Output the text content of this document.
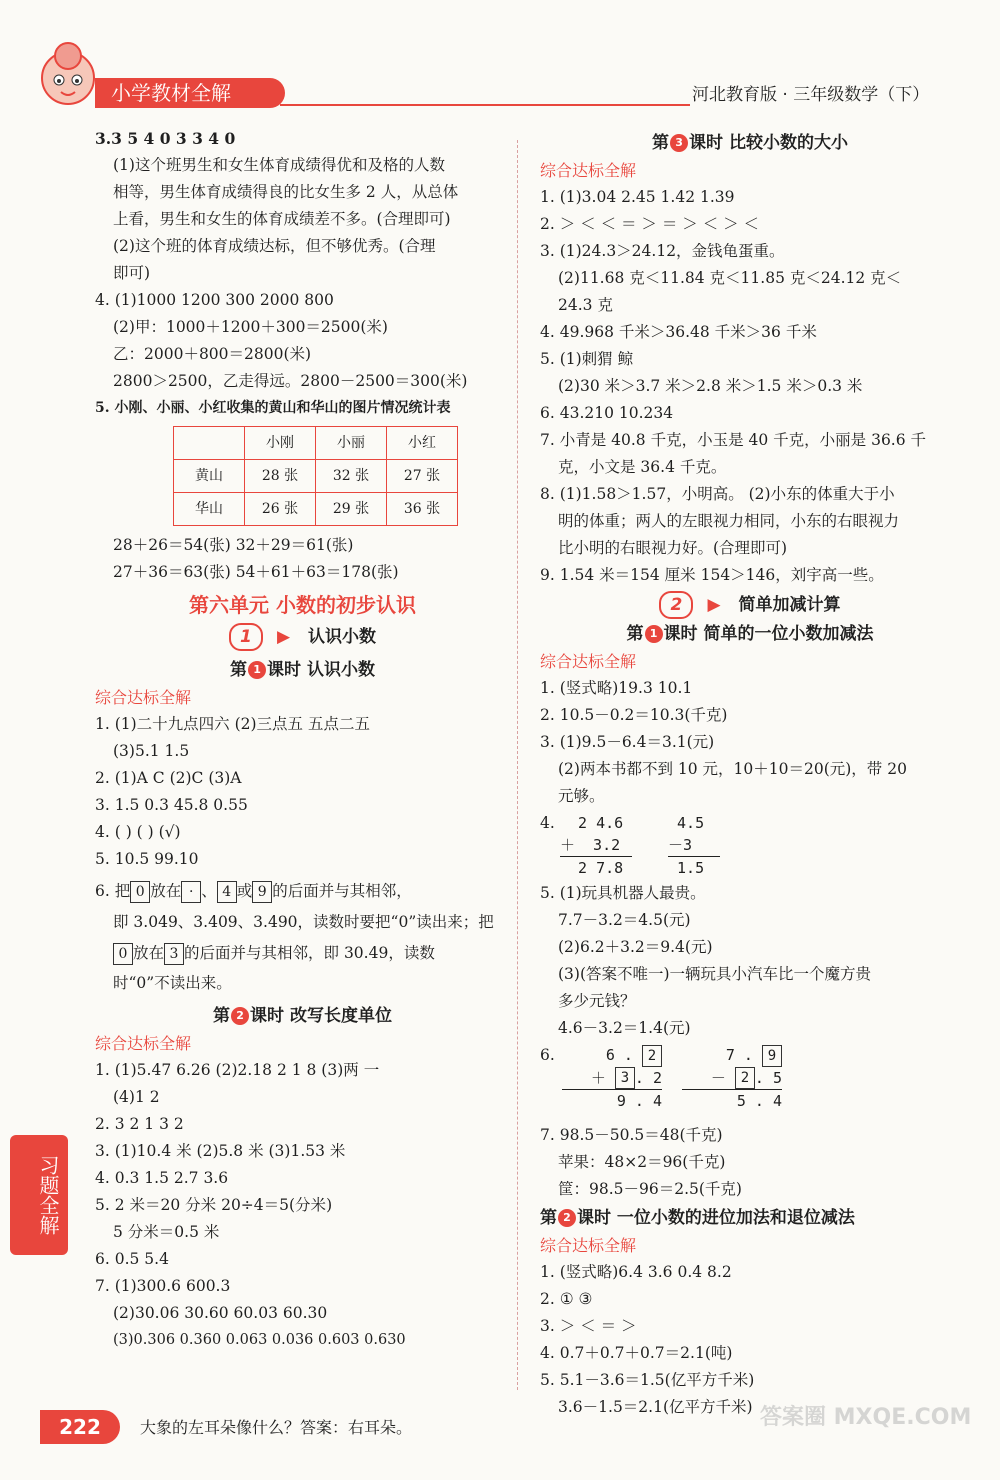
小学教材全解	河北教育版 · 三年级数学（下）
3.3 5 4 0 3 3 4 0
(1)这个班男生和女生体育成绩得优和及格的人数
相等，男生体育成绩得良的比女生多 2 人，从总体
上看，男生和女生的体育成绩差不多。(合理即可)
(2)这个班的体育成绩达标，但不够优秀。(合理
即可)
4. (1)1000 1200 300 2000 800
(2)甲：1000＋1200＋300＝2500(米)
乙：2000＋800＝2800(米)
2800＞2500，乙走得远。2800－2500＝300(米)
5. 小刚、小丽、小红收集的黄山和华山的图片情况统计表
	小刚	小丽	小红
黄山	28 张	32 张	27 张
华山	26 张	29 张	36 张
28＋26＝54(张) 32＋29＝61(张)
27＋36＝63(张) 54＋61＋63＝178(张)
第六单元 小数的初步认识
1 ▶ 认识小数
第 1 课时 认识小数
综合达标全解
1. (1)二十九点四六 (2)三点五 五点二五
(3)5.1 1.5
2. (1)A C (2)C (3)A
3. 1.5 0.3 45.8 0.55
4. ( ) ( ) (√)
5. 10.5 99.10
6. 把 0 放在 · 、 4 或 9 的后面并与其相邻，
即 3.049、3.409、3.490，读数时要把“0”读出来；把
0 放在 3 的后面并与其相邻，即 30.49，读数
时“0”不读出来。
第 2 课时 改写长度单位
综合达标全解
1. (1)5.47 6.26 (2)2.18 2 1 8 (3)两 一
(4)1 2
2. 3 2 1 3 2
3. (1)10.4 米 (2)5.8 米 (3)1.53 米
4. 0.3 1.5 2.7 3.6
5. 2 米＝20 分米 20÷4＝5(分米)
5 分米＝0.5 米
6. 0.5 5.4
7. (1)300.6 600.3
(2)30.06 30.60 60.03 60.30
(3)0.306 0.360 0.063 0.036 0.603 0.630
第 3 课时 比较小数的大小
综合达标全解
1. (1)3.04 2.45 1.42 1.39
2. ＞ ＜ ＜ ＝ ＞ ＝ ＞ ＜ ＞ ＜
3. (1)24.3＞24.12，金钱龟蛋重。
(2)11.68 克＜11.84 克＜11.85 克＜24.12 克＜
24.3 克
4. 49.968 千米＞36.48 千米＞36 千米
5. (1)刺猬 鲸
(2)30 米＞3.7 米＞2.8 米＞1.5 米＞0.3 米
6. 43.210 10.234
7. 小青是 40.8 千克，小玉是 40 千克，小丽是 36.6 千
克，小文是 36.4 千克。
8. (1)1.58＞1.57，小明高。 (2)小东的体重大于小
明的体重；两人的左眼视力相同，小东的右眼视力
比小明的右眼视力好。(合理即可)
9. 1.54 米＝154 厘米 154＞146，刘宇高一些。
2 ▶ 简单加减计算
第 1 课时 简单的一位小数加减法
综合达标全解
1. (竖式略)19.3 10.1
2. 10.5－0.2＝10.3(千克)
3. (1)9.5－6.4＝3.1(元)
(2)两本书都不到 10 元，10＋10＝20(元)，带 20
元够。
4. 2 4.6
＋  3.2
2 7.8
4.5
－3
1.5
5. (1)玩具机器人最贵。
7.7－3.2＝4.5(元)
(2)6.2＋3.2＝9.4(元)
(3)(答案不唯一)一辆玩具小汽车比一个魔方贵
多少元钱？
4.6－3.2＝1.4(元)
6.	6 . 2
＋ 3 . 2
9 . 4
7 . 9
－ 2 . 5
5 . 4
7. 98.5－50.5＝48(千克)
苹果：48×2＝96(千克)
筐：98.5－96＝2.5(千克)
第 2 课时 一位小数的进位加法和退位减法
综合达标全解
1. (竖式略)6.4 3.6 0.4 8.2
2. ① ③
3. ＞ ＜ ＝ ＞
4. 0.7＋0.7＋0.7＝2.1(吨)
5. 5.1－3.6＝1.5(亿平方千米)
3.6－1.5＝2.1(亿平方千米)
习题全解
222	大象的左耳朵像什么？答案：右耳朵。	答案圈 MXQE.COM
